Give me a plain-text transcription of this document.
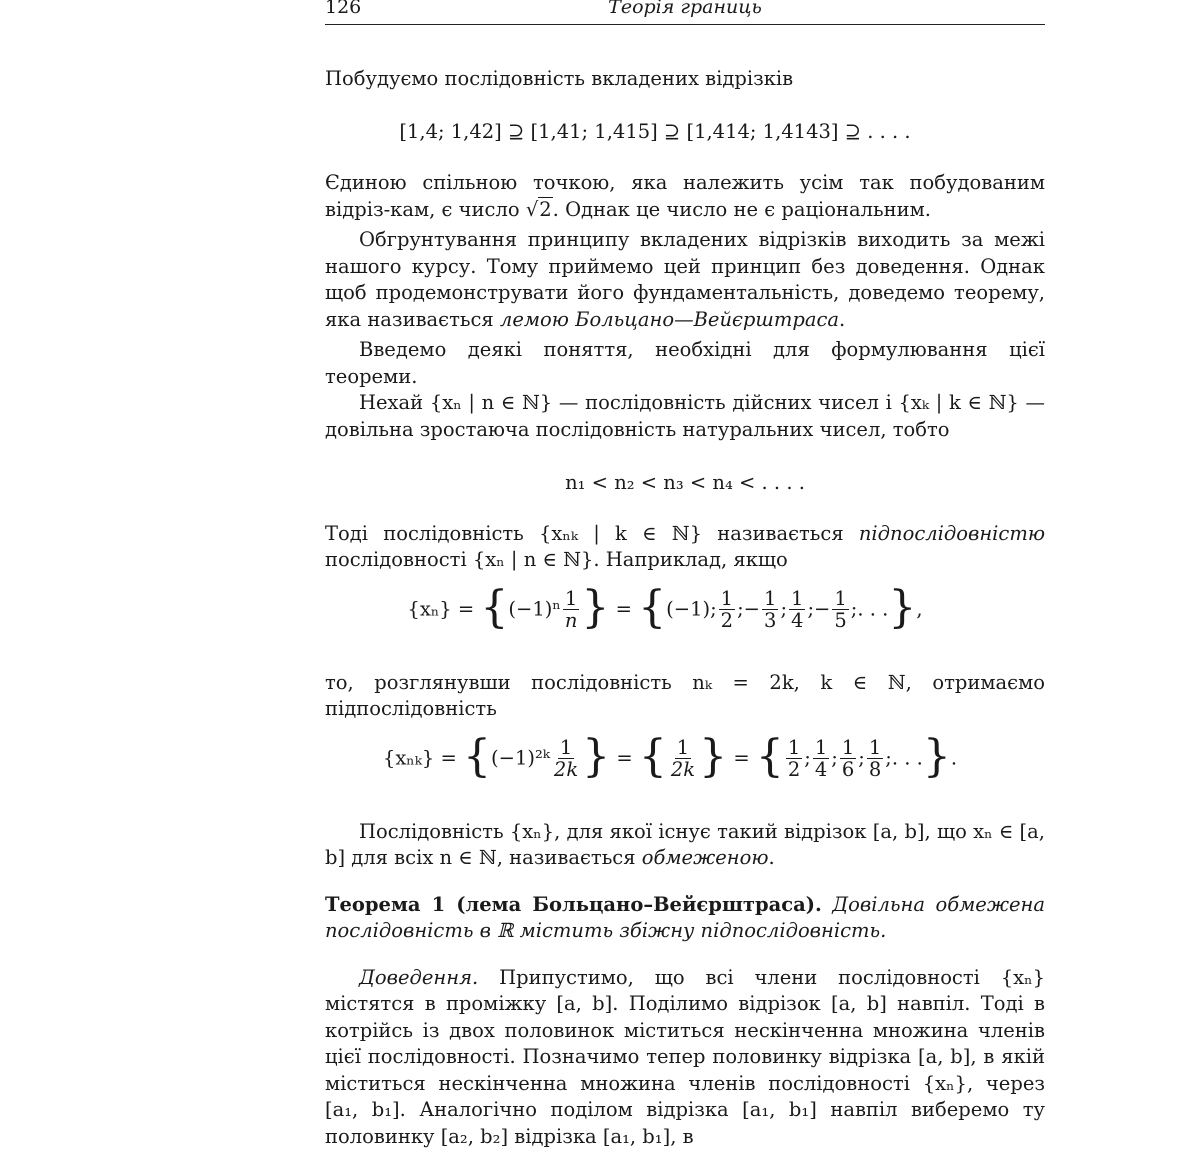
126	Теорія границь

Побудуємо послідовність вкладених відрізків

[1,4; 1,42] ⊇ [1,41; 1,415] ⊇ [1,414; 1,4143] ⊇ . . . .

Єдиною спільною точкою, яка належить усім так побудованим відріз-кам, є число √2. Однак це число не є раціональним.

Обгрунтування принципу вкладених відрізків виходить за межі нашого курсу. Тому приймемо цей принцип без доведення. Однак щоб продемонструвати його фундаментальність, доведемо теорему, яка називається лемою Больцано—Вейєрштраса.

Введемо деякі поняття, необхідні для формулювання цієї теореми.

Нехай {xₙ | n ∈ ℕ} — послідовність дійсних чисел і {xₖ | k ∈ ℕ} — довільна зростаюча послідовність натуральних чисел, тобто

n₁ < n₂ < n₃ < n₄ < . . . .

Тоді послідовність {xₙₖ | k ∈ ℕ} називається підпослідовністю послідовності {xₙ | n ∈ ℕ}. Наприклад, якщо

$\{x_n\} = \{(-1)^n \frac{1}{n}$ } = {(−1); $\frac{1}{2}$ ;− $\frac{1}{3}$ ; $\frac{1}{4}$ ;− $\frac{1}{5}$ ;. . .},

то, розглянувши послідовність nₖ = 2k, k ∈ ℕ, отримаємо підпослідовність

{xₙₖ} = {(−1)²ᵏ $\frac{1}{2k}$ } = { $\frac{1}{2k}$ } = { $\frac{1}{2}$ ; $\frac{1}{4}$ ; $\frac{1}{6}$ ; $\frac{1}{8}$ ;. . .}.

Послідовність {xₙ}, для якої існує такий відрізок [a, b], що xₙ ∈ [a, b] для всіх n ∈ ℕ, називається обмеженою.

Теорема 1 (лема Больцано–Вейєрштраса). Довільна обмежена послідовність в ℝ містить збіжну підпослідовність.

Доведення. Припустимо, що всі члени послідовності {xₙ} містятся в проміжку [a, b]. Поділимо відрізок [a, b] навпіл. Тоді в котрійсь із двох половинок міститься нескінченна множина членів цієї послідовності. Позначимо тепер половинку відрізка [a, b], в якій міститься нескінченна множина членів послідовності {xₙ}, через [a₁, b₁]. Аналогічно поділом відрізка [a₁, b₁] навпіл виберемо ту половинку [a₂, b₂] відрізка [a₁, b₁], в
